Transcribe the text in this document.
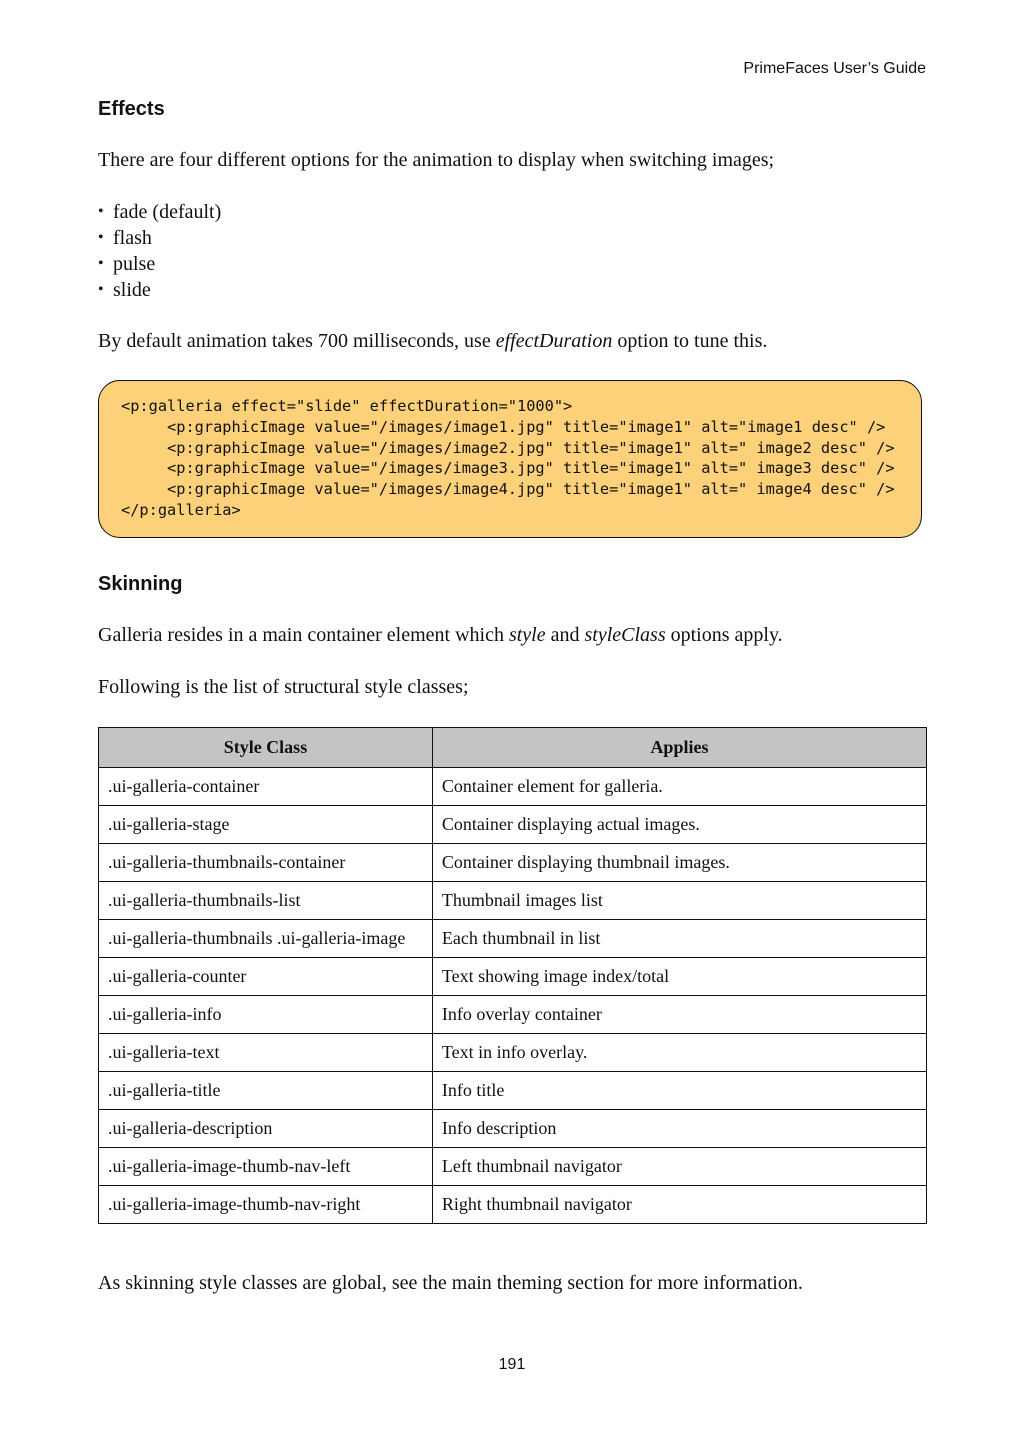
PrimeFaces User’s Guide
Effects

There are four different options for the animation to display when switching images;

• fade (default)
• flash
• pulse
• slide

By default animation takes 700 milliseconds, use effectDuration option to tune this.

<p:galleria effect="slide" effectDuration="1000">
<p:graphicImage value="/images/image1.jpg" title="image1" alt="image1 desc" />
<p:graphicImage value="/images/image2.jpg" title="image1" alt=" image2 desc" />
<p:graphicImage value="/images/image3.jpg" title="image1" alt=" image3 desc" />
<p:graphicImage value="/images/image4.jpg" title="image1" alt=" image4 desc" />
</p:galleria>
Skinning

Galleria resides in a main container element which style and styleClass options apply.

Following is the list of structural style classes;

Style Class	Applies
.ui-galleria-container	Container element for galleria.
.ui-galleria-stage	Container displaying actual images.
.ui-galleria-thumbnails-container	Container displaying thumbnail images.
.ui-galleria-thumbnails-list	Thumbnail images list
.ui-galleria-thumbnails .ui-galleria-image	Each thumbnail in list
.ui-galleria-counter	Text showing image index/total
.ui-galleria-info	Info overlay container
.ui-galleria-text	Text in info overlay.
.ui-galleria-title	Info title
.ui-galleria-description	Info description
.ui-galleria-image-thumb-nav-left	Left thumbnail navigator
.ui-galleria-image-thumb-nav-right	Right thumbnail navigator

As skinning style classes are global, see the main theming section for more information.

191
